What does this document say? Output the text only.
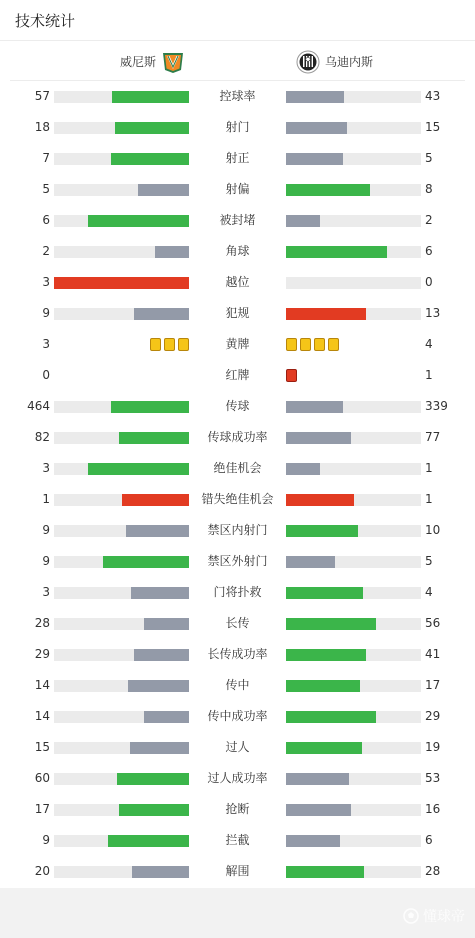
技术统计
威尼斯	乌迪内斯
57	控球率	43
18	射门	15
7	射正	5
5	射偏	8
6	被封堵	2
2	角球	6
3	越位	0
9	犯规	13
3	黄牌	4
0	红牌	1
464	传球	339
82	传球成功率	77
3	绝佳机会	1
1	错失绝佳机会	1
9	禁区内射门	10
9	禁区外射门	5
3	门将扑救	4
28	长传	56
29	长传成功率	41
14	传中	17
14	传中成功率	29
15	过人	19
60	过人成功率	53
17	抢断	16
9	拦截	6
20	解围	28
懂球帝
